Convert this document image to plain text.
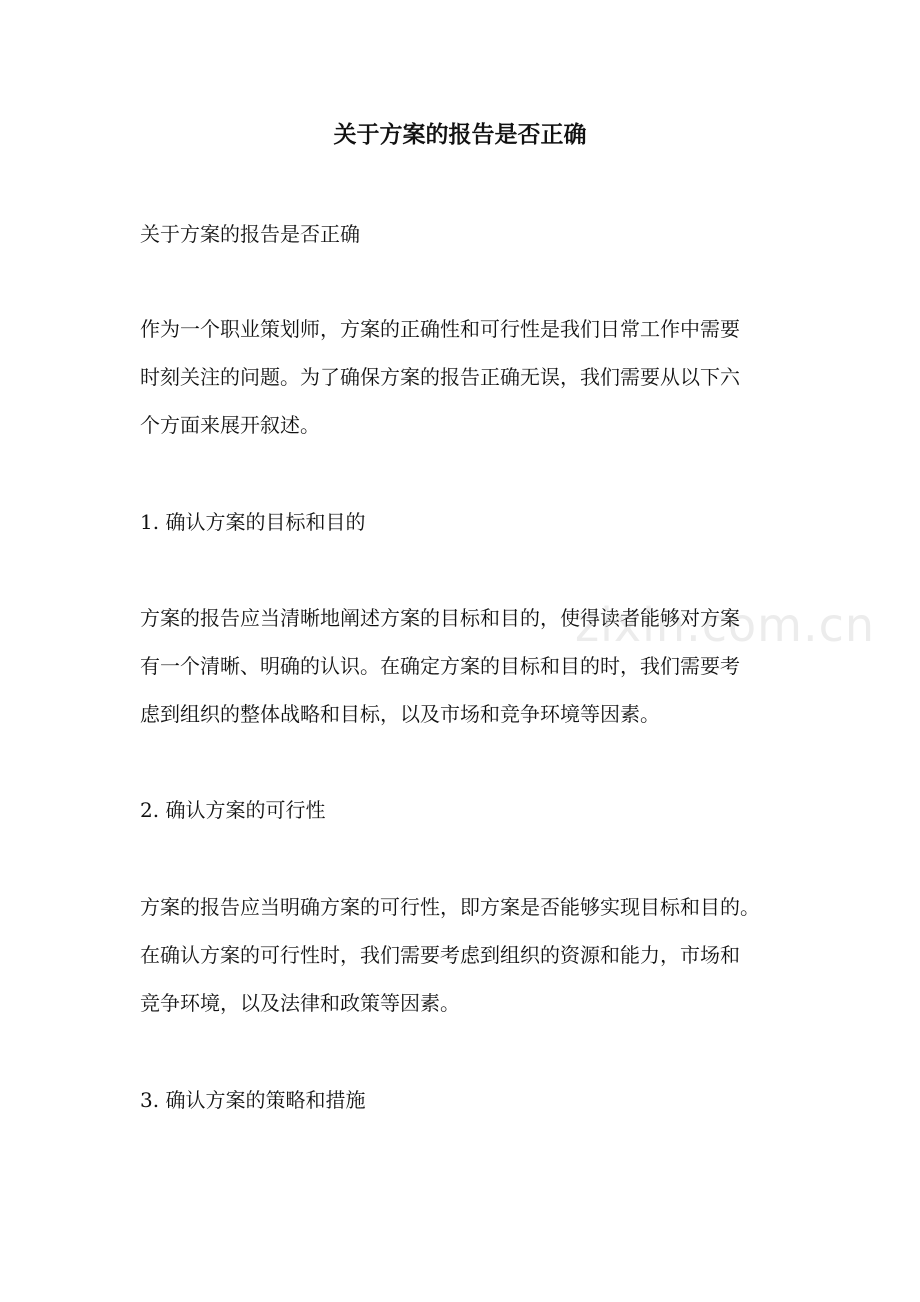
zixin.com.cn
关于方案的报告是否正确

关于方案的报告是否正确

作为一个职业策划师，方案的正确性和可行性是我们日常工作中需要

时刻关注的问题。为了确保方案的报告正确无误，我们需要从以下六

个方面来展开叙述。

1. 确认方案的目标和目的

方案的报告应当清晰地阐述方案的目标和目的，使得读者能够对方案

有一个清晰、明确的认识。在确定方案的目标和目的时，我们需要考

虑到组织的整体战略和目标，以及市场和竞争环境等因素。

2. 确认方案的可行性

方案的报告应当明确方案的可行性，即方案是否能够实现目标和目的。

在确认方案的可行性时，我们需要考虑到组织的资源和能力，市场和

竞争环境，以及法律和政策等因素。

3. 确认方案的策略和措施
